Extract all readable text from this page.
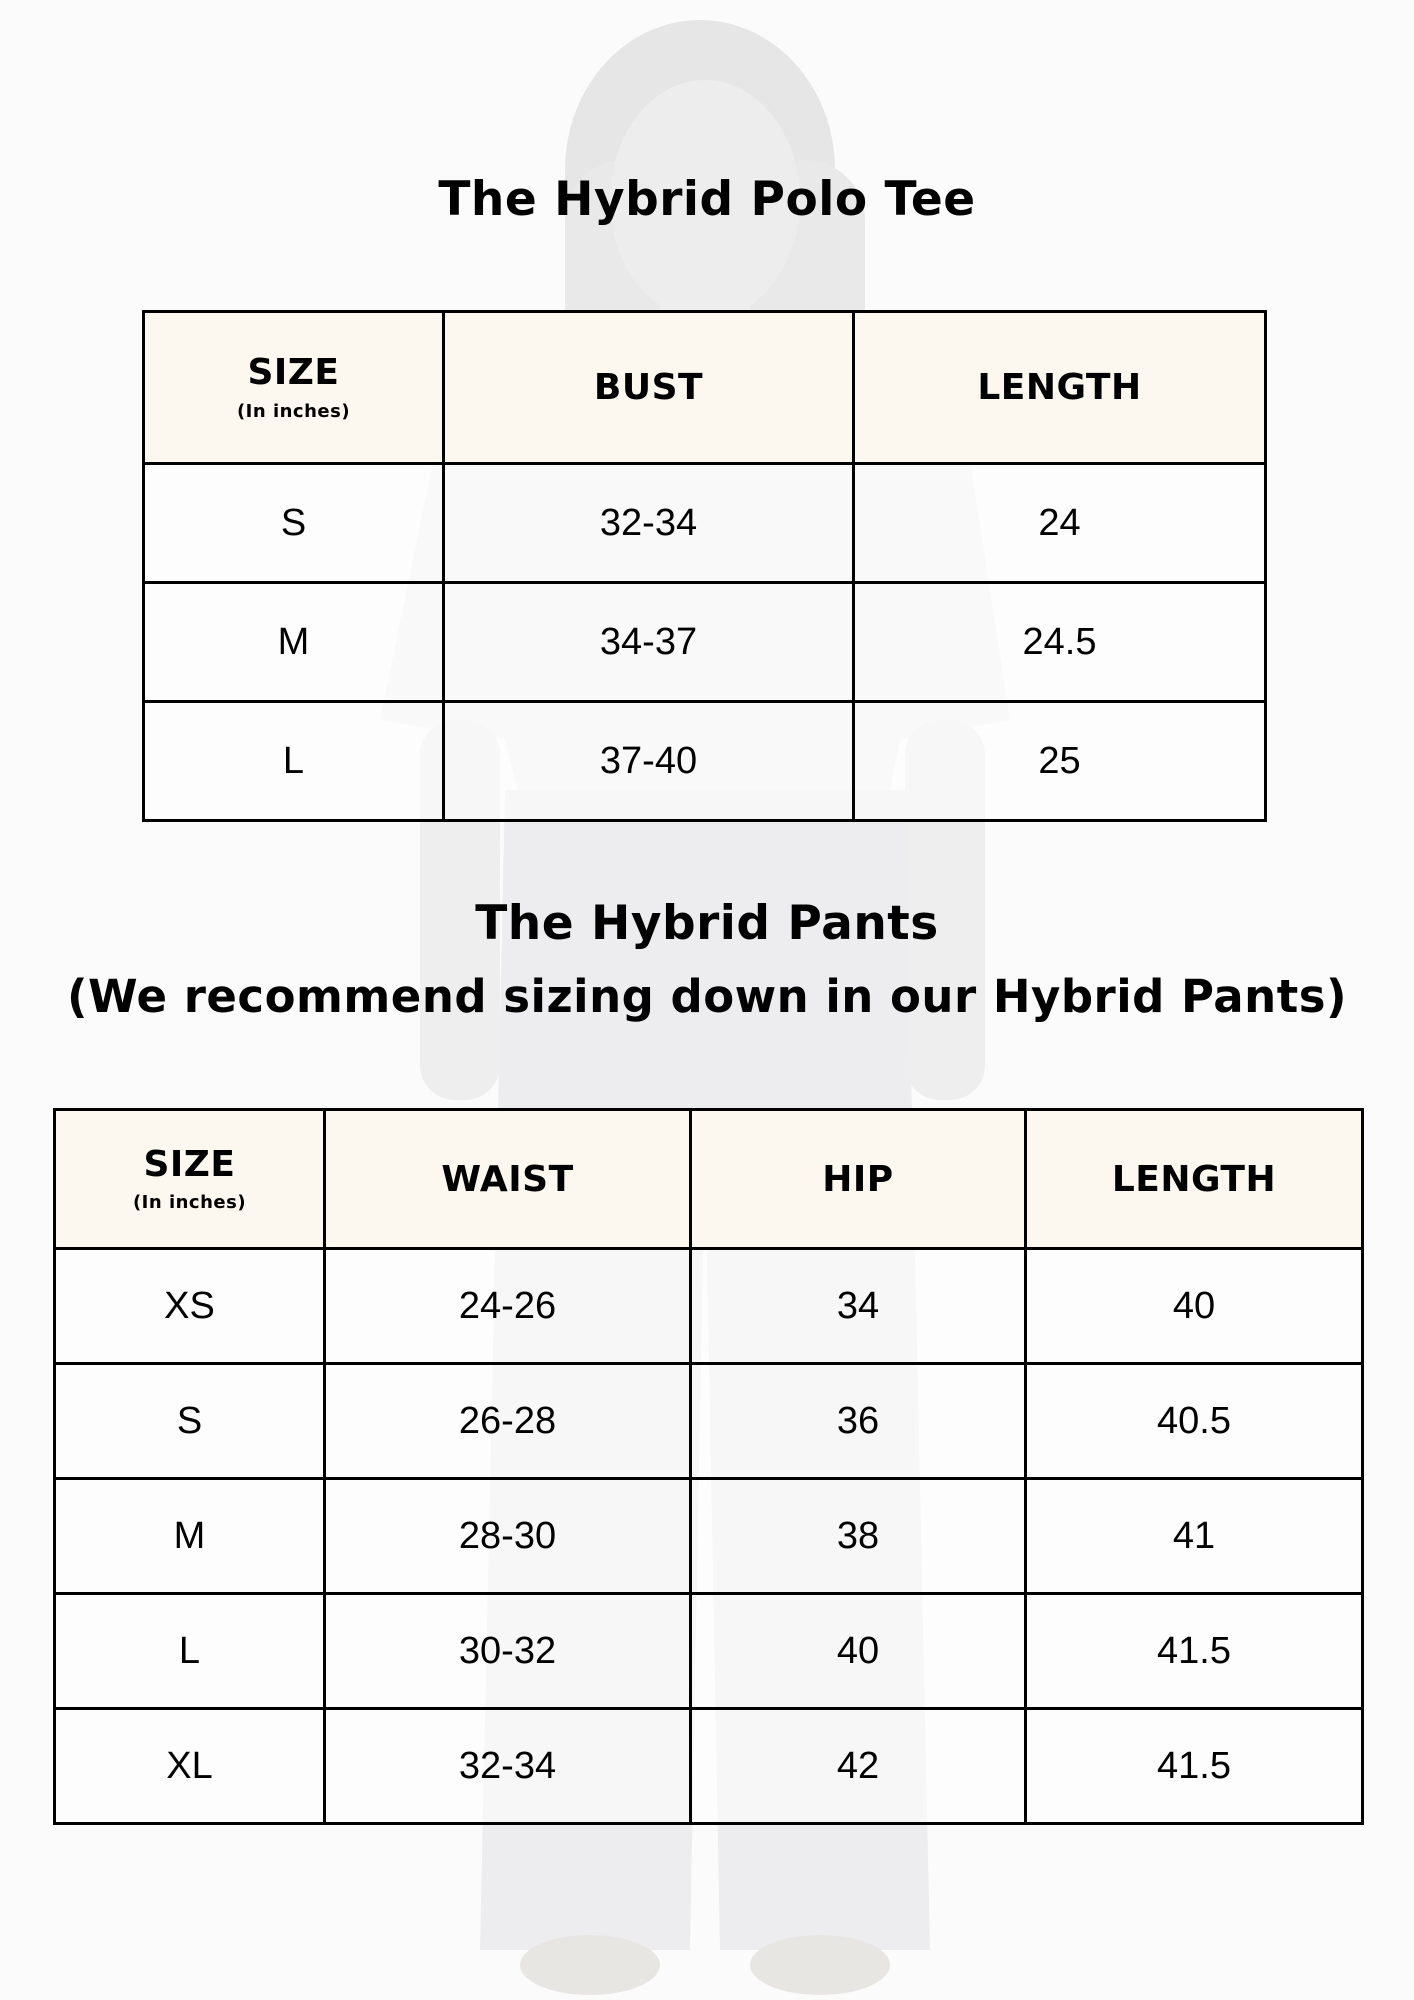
The Hybrid Polo Tee
SIZE
(In inches)	BUST	LENGTH
S	32-34	24
M	34-37	24.5
L	37-40	25
The Hybrid Pants
(We recommend sizing down in our Hybrid Pants)
SIZE
(In inches)	WAIST	HIP	LENGTH
XS	24-26	34	40
S	26-28	36	40.5
M	28-30	38	41
L	30-32	40	41.5
XL	32-34	42	41.5
